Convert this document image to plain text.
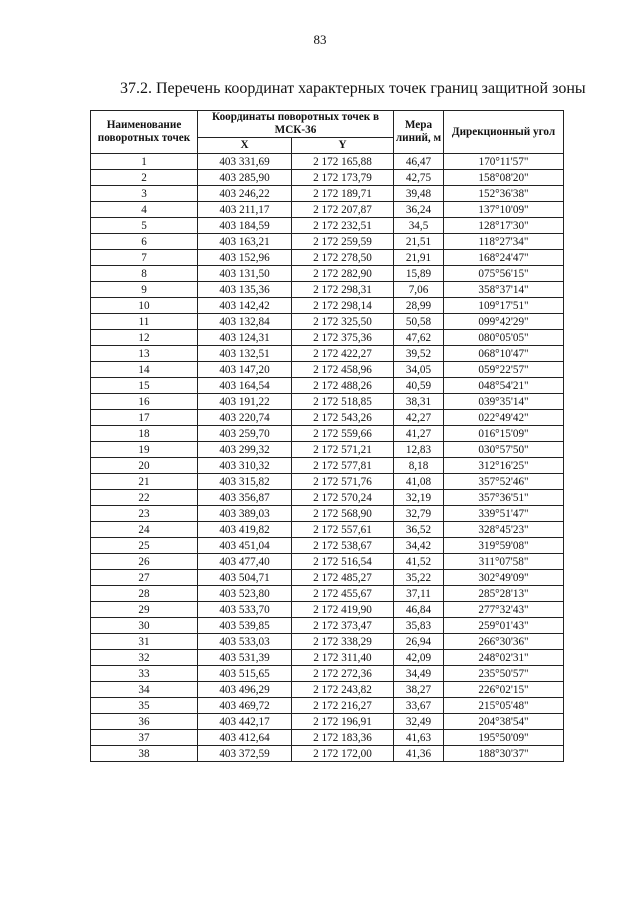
83
37.2. Перечень координат характерных точек границ защитной зоны
Наименование поворотных точек	Координаты поворотных точек в МСК-36		Мера линий, м	Дирекционный угол
	X	Y		
1	403 331,69	2 172 165,88	46,47	170°11'57"
2	403 285,90	2 172 173,79	42,75	158°08'20"
3	403 246,22	2 172 189,71	39,48	152°36'38"
4	403 211,17	2 172 207,87	36,24	137°10'09"
5	403 184,59	2 172 232,51	34,5	128°17'30"
6	403 163,21	2 172 259,59	21,51	118°27'34"
7	403 152,96	2 172 278,50	21,91	168°24'47"
8	403 131,50	2 172 282,90	15,89	075°56'15"
9	403 135,36	2 172 298,31	7,06	358°37'14"
10	403 142,42	2 172 298,14	28,99	109°17'51"
11	403 132,84	2 172 325,50	50,58	099°42'29"
12	403 124,31	2 172 375,36	47,62	080°05'05"
13	403 132,51	2 172 422,27	39,52	068°10'47"
14	403 147,20	2 172 458,96	34,05	059°22'57"
15	403 164,54	2 172 488,26	40,59	048°54'21"
16	403 191,22	2 172 518,85	38,31	039°35'14"
17	403 220,74	2 172 543,26	42,27	022°49'42"
18	403 259,70	2 172 559,66	41,27	016°15'09"
19	403 299,32	2 172 571,21	12,83	030°57'50"
20	403 310,32	2 172 577,81	8,18	312°16'25"
21	403 315,82	2 172 571,76	41,08	357°52'46"
22	403 356,87	2 172 570,24	32,19	357°36'51"
23	403 389,03	2 172 568,90	32,79	339°51'47"
24	403 419,82	2 172 557,61	36,52	328°45'23"
25	403 451,04	2 172 538,67	34,42	319°59'08"
26	403 477,40	2 172 516,54	41,52	311°07'58"
27	403 504,71	2 172 485,27	35,22	302°49'09"
28	403 523,80	2 172 455,67	37,11	285°28'13"
29	403 533,70	2 172 419,90	46,84	277°32'43"
30	403 539,85	2 172 373,47	35,83	259°01'43"
31	403 533,03	2 172 338,29	26,94	266°30'36"
32	403 531,39	2 172 311,40	42,09	248°02'31"
33	403 515,65	2 172 272,36	34,49	235°50'57"
34	403 496,29	2 172 243,82	38,27	226°02'15"
35	403 469,72	2 172 216,27	33,67	215°05'48"
36	403 442,17	2 172 196,91	32,49	204°38'54"
37	403 412,64	2 172 183,36	41,63	195°50'09"
38	403 372,59	2 172 172,00	41,36	188°30'37"
